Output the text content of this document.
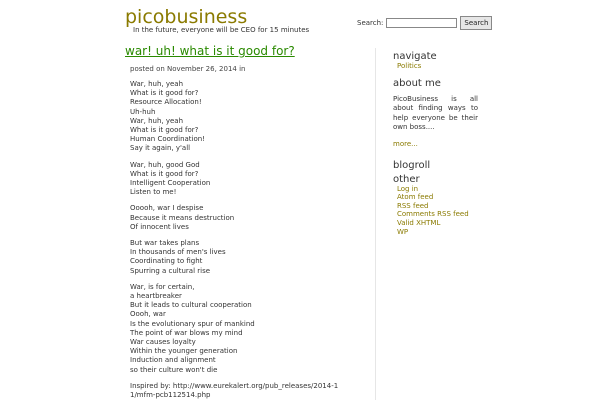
picobusiness
In the future, everyone will be CEO for 15 minutes
Search:	Search
war! uh! what is it good for?
posted on November 26, 2014 in

War, huh, yeah
What is it good for?
Resource Allocation!
Uh-huh
War, huh, yeah
What is it good for?
Human Coordination!
Say it again, y'all

War, huh, good God
What is it good for?
Intelligent Cooperation
Listen to me!

Ooooh, war I despise
Because it means destruction
Of innocent lives

But war takes plans
In thousands of men's lives
Coordinating to fight
Spurring a cultural rise

War, is for certain,
a heartbreaker
But it leads to cultural cooperation
Oooh, war
Is the evolutionary spur of mankind
The point of war blows my mind
War causes loyalty
Within the younger generation
Induction and alignment
so their culture won't die

Inspired by: http://www.eurekalert.org/pub_releases/2014-11/mfm-pcb112514.php

navigate
Politics
about me
PicoBusiness is all about finding ways to help everyone be their own boss....
more...
blogroll
other
Log in
Atom feed
RSS feed
Comments RSS feed
Valid XHTML
WP
